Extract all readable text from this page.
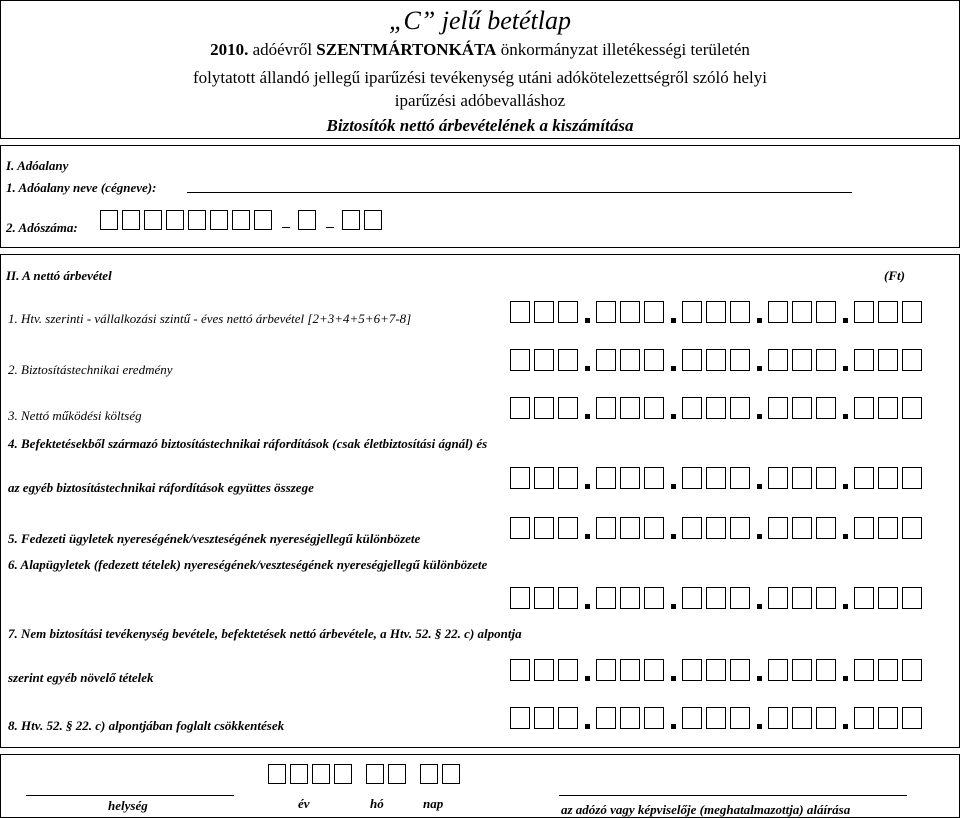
„C” jelű betétlap
2010. adóévről SZENTMÁRTONKÁTA önkormányzat illetékességi területén
folytatott állandó jellegű iparűzési tevékenység utáni adókötelezettségről szóló helyi
iparűzési adóbevalláshoz
Biztosítók nettó árbevételének a kiszámítása
I. Adóalany
1. Adóalany neve (cégneve):
2. Adószáma:
II. A nettó árbevétel	(Ft)
1. Htv. szerinti - vállalkozási szintű - éves nettó árbevétel [2+3+4+5+6+7-8]
2. Biztosítástechnikai eredmény
3. Nettó működési költség
4. Befektetésekből származó biztosítástechnikai ráfordítások (csak életbiztosítási ágnál) és
az egyéb biztosítástechnikai ráfordítások együttes összege
5. Fedezeti ügyletek nyereségének/veszteségének nyereségjellegű különbözete
6. Alapügyletek (fedezett tételek) nyereségének/veszteségének nyereségjellegű különbözete
7. Nem biztosítási tevékenység bevétele, befektetések nettó árbevétele, a Htv. 52. § 22. c) alpontja
szerint egyéb növelő tételek
8. Htv. 52. § 22. c) alpontjában foglalt csökkentések
helység	év	hó	nap	az adózó vagy képviselője (meghatalmazottja) aláírása
